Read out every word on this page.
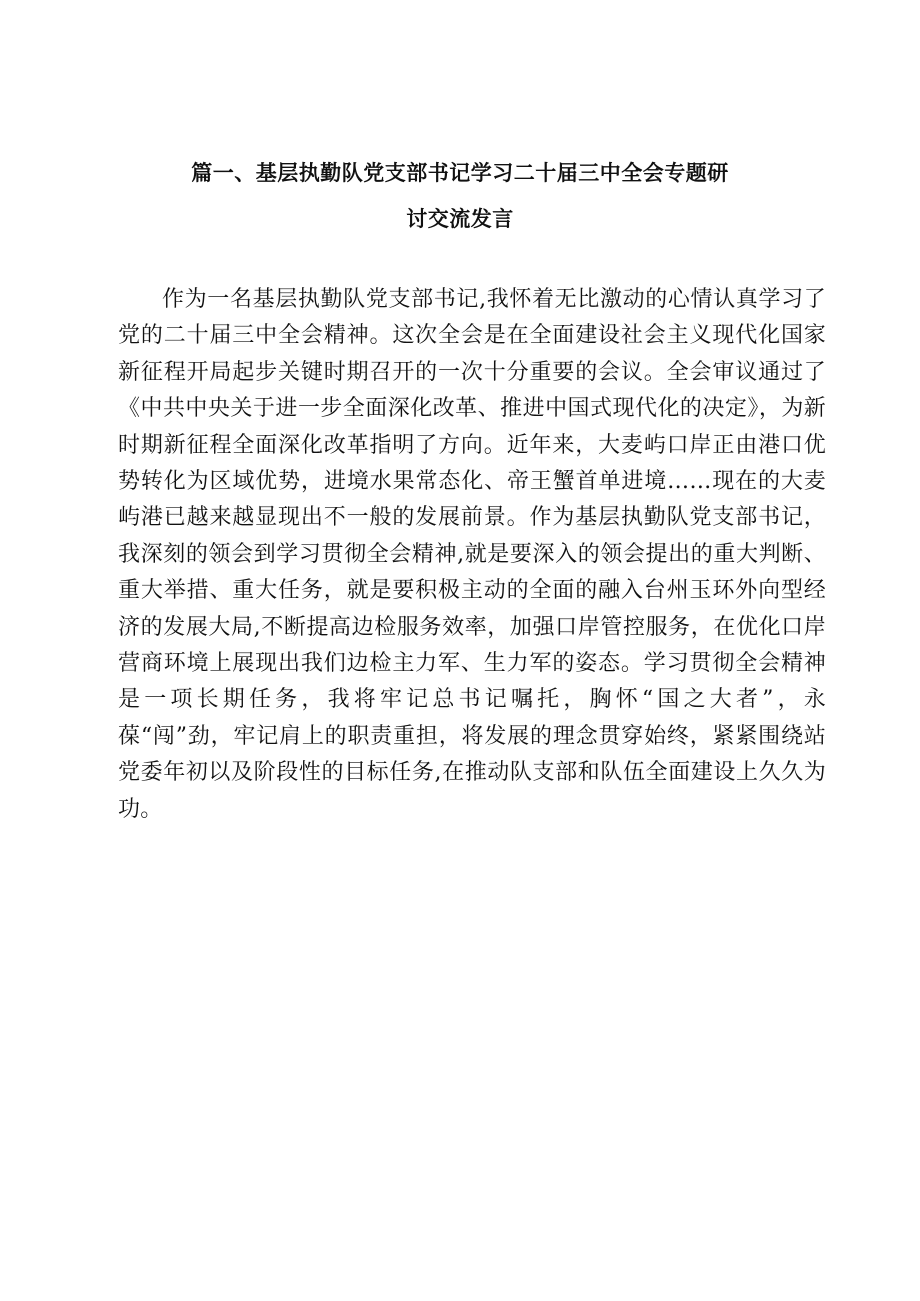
篇一、基层执勤队党支部书记学习二十届三中全会专题研
讨交流发言

作为一名基层执勤队党支部书记,我怀着无比激动的心情认真学习了党的二十届三中全会精神。这次全会是在全面建设社会主义现代化国家新征程开局起步关键时期召开的一次十分重要的会议。全会审议通过了《中共中央关于进一步全面深化改革、推进中国式现代化的决定》，为新时期新征程全面深化改革指明了方向。近年来，大麦屿口岸正由港口优势转化为区域优势，进境水果常态化、帝王蟹首单进境……现在的大麦屿港已越来越显现出不一般的发展前景。作为基层执勤队党支部书记，我深刻的领会到学习贯彻全会精神,就是要深入的领会提出的重大判断、重大举措、重大任务，就是要积极主动的全面的融入台州玉环外向型经济的发展大局,不断提高边检服务效率，加强口岸管控服务，在优化口岸营商环境上展现出我们边检主力军、生力军的姿态。学习贯彻全会精神是一项长期任务，我将牢记总书记嘱托，胸怀“国之大者”，永葆“闯”劲，牢记肩上的职责重担，将发展的理念贯穿始终，紧紧围绕站党委年初以及阶段性的目标任务,在推动队支部和队伍全面建设上久久为功。
